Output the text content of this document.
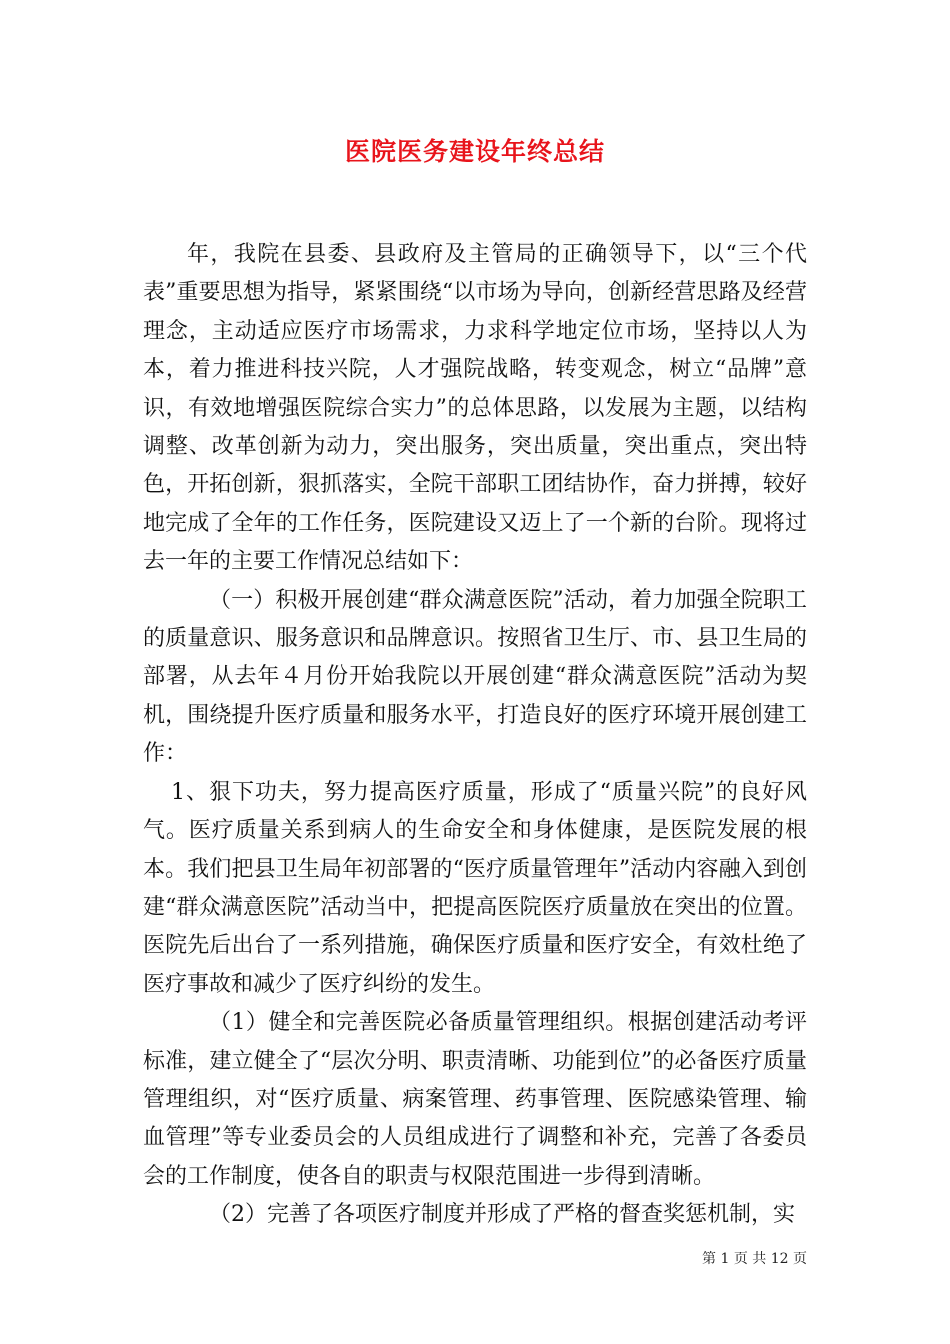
医院医务建设年终总结

年，我院在县委、县政府及主管局的正确领导下，以“三个代表”重要思想为指导，紧紧围绕“以市场为导向，创新经营思路及经营理念，主动适应医疗市场需求，力求科学地定位市场，坚持以人为本，着力推进科技兴院，人才强院战略，转变观念，树立“品牌”意识，有效地增强医院综合实力”的总体思路，以发展为主题，以结构调整、改革创新为动力，突出服务，突出质量，突出重点，突出特色，开拓创新，狠抓落实，全院干部职工团结协作，奋力拼搏，较好地完成了全年的工作任务，医院建设又迈上了一个新的台阶。现将过去一年的主要工作情况总结如下：

（一）积极开展创建“群众满意医院”活动，着力加强全院职工的质量意识、服务意识和品牌意识。按照省卫生厅、市、县卫生局的部署，从去年４月份开始我院以开展创建“群众满意医院”活动为契机，围绕提升医疗质量和服务水平，打造良好的医疗环境开展创建工作：

1、狠下功夫，努力提高医疗质量，形成了“质量兴院”的良好风气。医疗质量关系到病人的生命安全和身体健康，是医院发展的根本。我们把县卫生局年初部署的“医疗质量管理年”活动内容融入到创建“群众满意医院”活动当中，把提高医院医疗质量放在突出的位置。医院先后出台了一系列措施，确保医疗质量和医疗安全，有效杜绝了医疗事故和减少了医疗纠纷的发生。

（1）健全和完善医院必备质量管理组织。根据创建活动考评标准，建立健全了“层次分明、职责清晰、功能到位”的必备医疗质量管理组织，对“医疗质量、病案管理、药事管理、医院感染管理、输血管理”等专业委员会的人员组成进行了调整和补充，完善了各委员会的工作制度，使各自的职责与权限范围进一步得到清晰。

（2）完善了各项医疗制度并形成了严格的督查奖惩机制，实

第 1 页 共 12 页
